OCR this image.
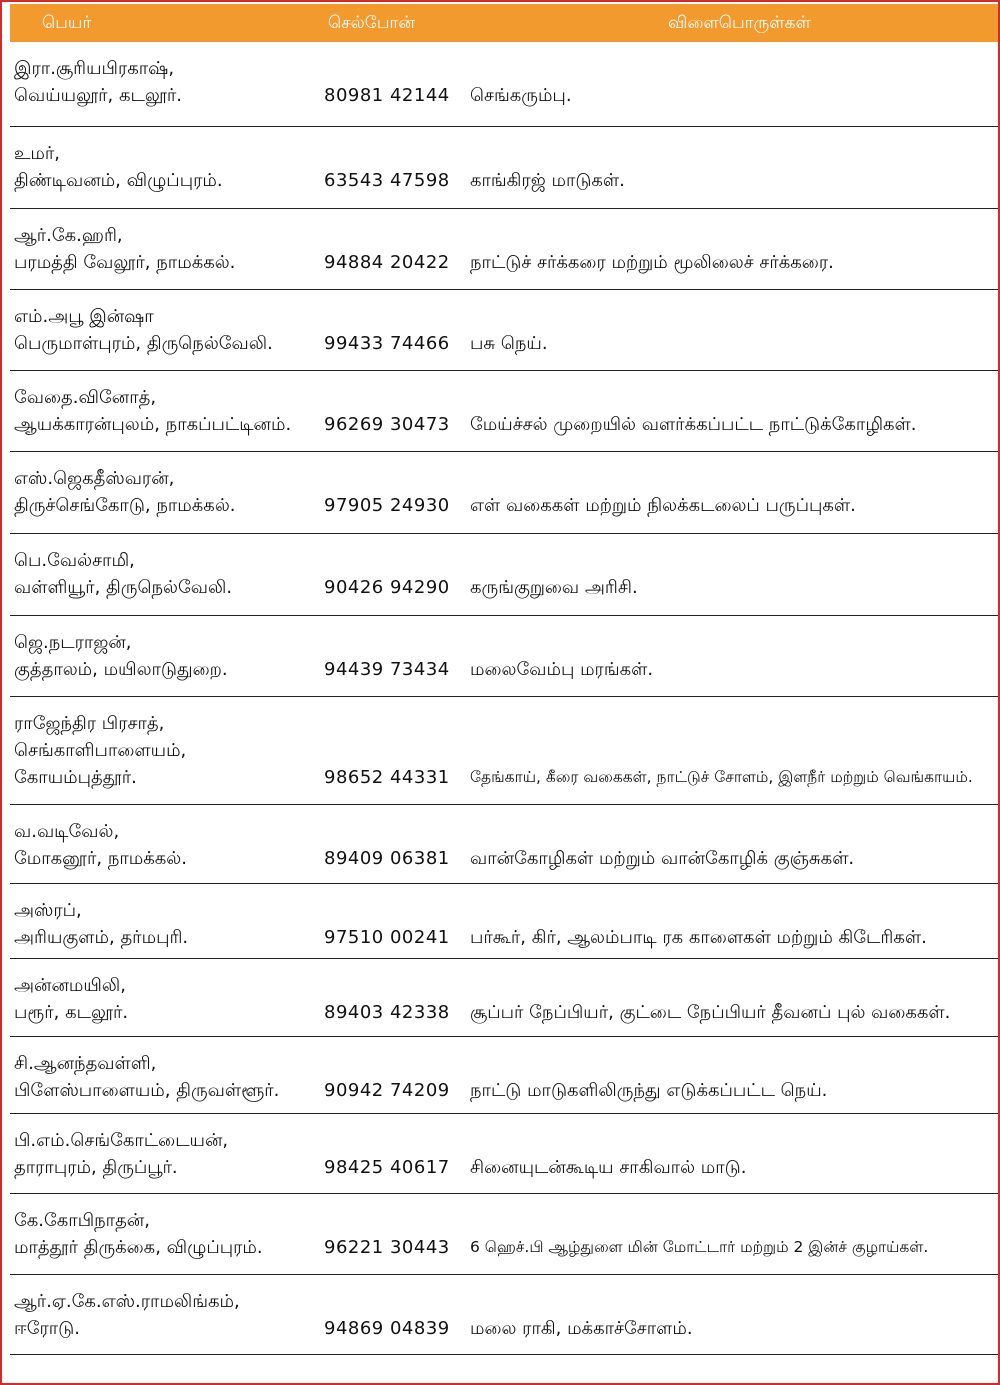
பெயர்	செல்போன்	விளைபொருள்கள்
இரா.சூரியபிரகாஷ்,
வெய்யலூர், கடலூர்.	80981 42144 செங்கரும்பு.
உமர்,
திண்டிவனம், விழுப்புரம்.	63543 47598 காங்கிரஜ் மாடுகள்.
ஆர்.கே.ஹரி,
பரமத்தி வேலூர், நாமக்கல்.	94884 20422 நாட்டுச் சர்க்கரை மற்றும் மூலிலைச் சர்க்கரை.
எம்.அபூ இன்ஷா
பெருமாள்புரம், திருநெல்வேலி.	99433 74466 பசு நெய்.
வேதை.வினோத்,
ஆயக்காரன்புலம், நாகப்பட்டினம்.	96269 30473 மேய்ச்சல் முறையில் வளர்க்கப்பட்ட நாட்டுக்கோழிகள்.
எஸ்.ஜெகதீஸ்வரன்,
திருச்செங்கோடு, நாமக்கல்.	97905 24930 எள் வகைகள் மற்றும் நிலக்கடலைப் பருப்புகள்.
பெ.வேல்சாமி,
வள்ளியூர், திருநெல்வேலி.	90426 94290 கருங்குறுவை அரிசி.
ஜெ.நடராஜன்,
குத்தாலம், மயிலாடுதுறை.	94439 73434 மலைவேம்பு மரங்கள்.
ராஜேந்திர பிரசாத்,
செங்காளிபாளையம்,
கோயம்புத்தூர்.	98652 44331 தேங்காய், கீரை வகைகள், நாட்டுச் சோளம், இளநீர் மற்றும் வெங்காயம்.
வ.வடிவேல்,
மோகனூர், நாமக்கல்.	89409 06381 வான்கோழிகள் மற்றும் வான்கோழிக் குஞ்சுகள்.
அஸ்ரப்,
அரியகுளம், தர்மபுரி.	97510 00241 பர்கூர், கிர், ஆலம்பாடி ரக காளைகள் மற்றும் கிடேரிகள்.
அன்னமயிலி,
பரூர், கடலூர்.	89403 42338 சூப்பர் நேப்பியர், குட்டை நேப்பியர் தீவனப் புல் வகைகள்.
சி.ஆனந்தவள்ளி,
பிளேஸ்பாளையம், திருவள்ளூர்.	90942 74209 நாட்டு மாடுகளிலிருந்து எடுக்கப்பட்ட நெய்.
பி.எம்.செங்கோட்டையன்,
தாராபுரம், திருப்பூர்.	98425 40617 சினையுடன்கூடிய சாகிவால் மாடு.
கே.கோபிநாதன்,
மாத்தூர் திருக்கை, விழுப்புரம்.	96221 30443 6 ஹெச்.பி ஆழ்துளை மின் மோட்டார் மற்றும் 2 இன்ச் குழாய்கள்.
ஆர்.ஏ.கே.எஸ்.ராமலிங்கம்,
ஈரோடு.	94869 04839 மலை ராகி, மக்காச்சோளம்.
